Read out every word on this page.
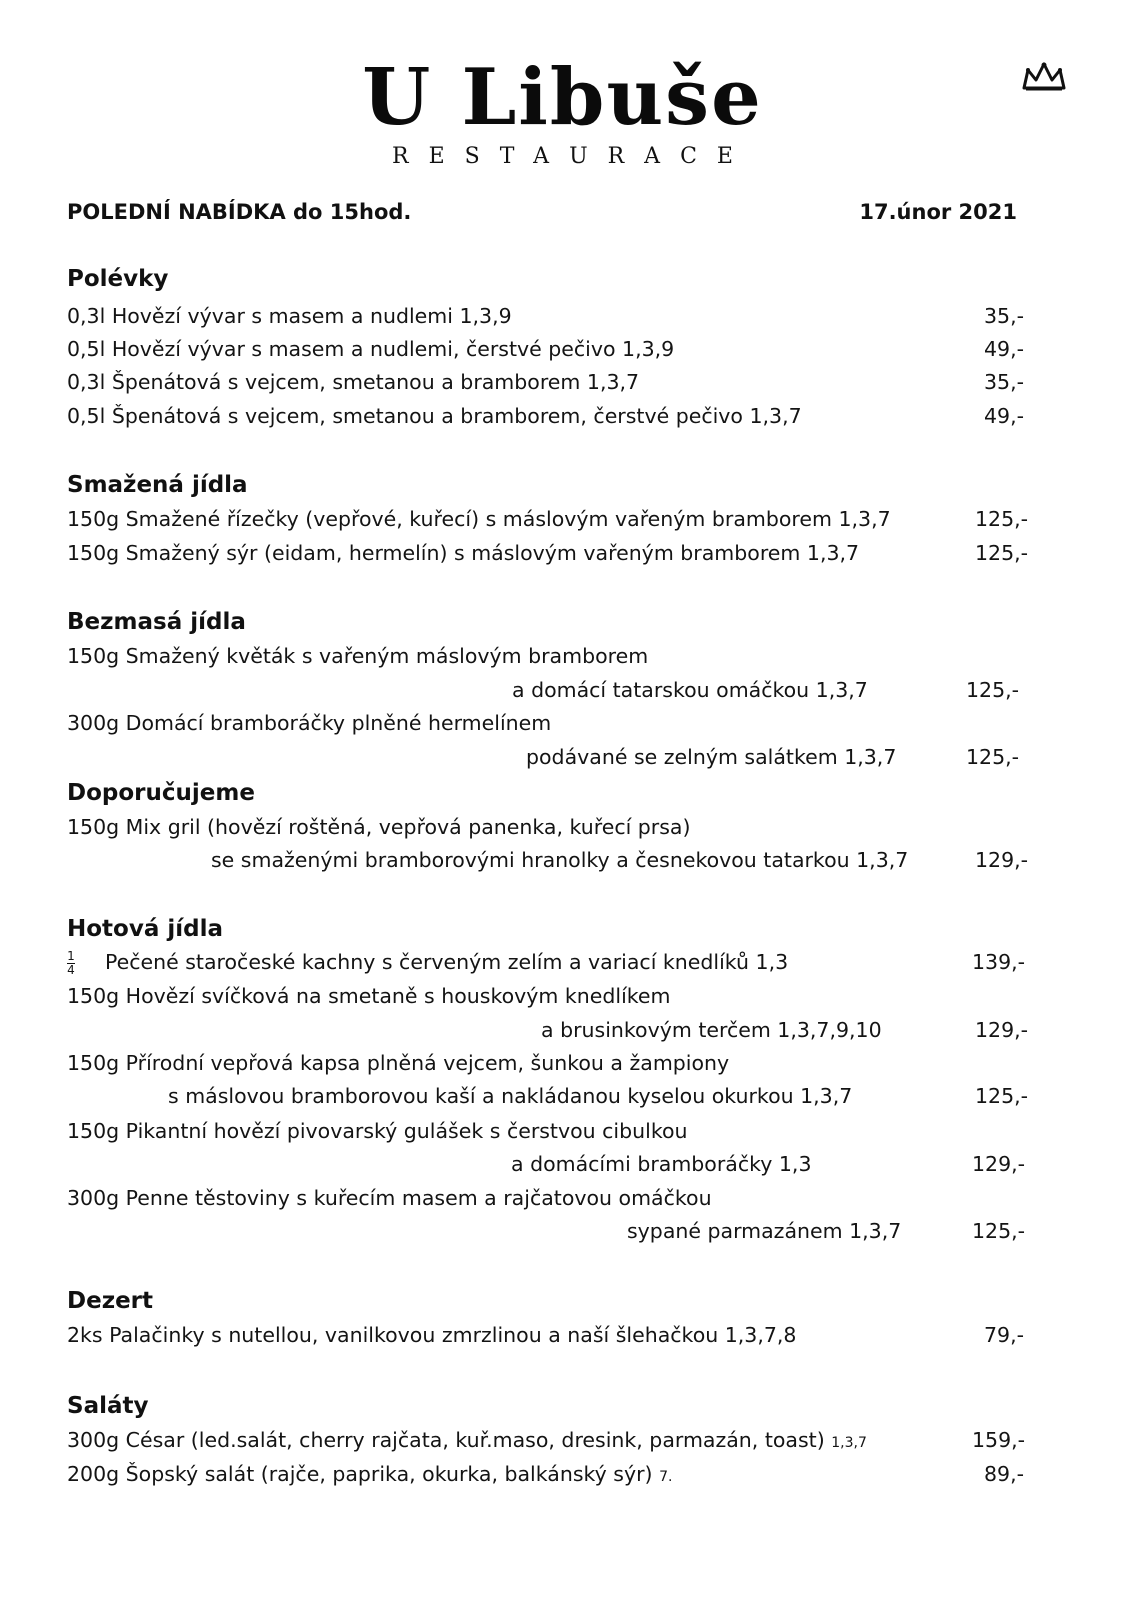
U Libuše
RESTAURACE
POLEDNÍ NABÍDKA do 15hod.	17.únor 2021
Polévky
0,3l Hovězí vývar s masem a nudlemi 1,3,9	35,-
0,5l Hovězí vývar s masem a nudlemi, čerstvé pečivo 1,3,9	49,-
0,3l Špenátová s vejcem, smetanou a bramborem 1,3,7	35,-
0,5l Špenátová s vejcem, smetanou a bramborem, čerstvé pečivo 1,3,7	49,-
Smažená jídla
150g Smažené řízečky (vepřové, kuřecí) s máslovým vařeným bramborem 1,3,7	125,-
150g Smažený sýr (eidam, hermelín) s máslovým vařeným bramborem 1,3,7	125,-
Bezmasá jídla
150g Smažený květák s vařeným máslovým bramborem
a domácí tatarskou omáčkou 1,3,7	125,-
300g Domácí bramboráčky plněné hermelínem
podávané se zelným salátkem 1,3,7	125,-
Doporučujeme
150g Mix gril (hovězí roštěná, vepřová panenka, kuřecí prsa)
se smaženými bramborovými hranolky a česnekovou tatarkou 1,3,7	129,-
Hotová jídla
$\frac{1}{4}$ Pečené staročeské kachny s červeným zelím a variací knedlíků 1,3	139,-
150g Hovězí svíčková na smetaně s houskovým knedlíkem
a brusinkovým terčem 1,3,7,9,10	129,-
150g Přírodní vepřová kapsa plněná vejcem, šunkou a žampiony
s máslovou bramborovou kaší a nakládanou kyselou okurkou 1,3,7	125,-
150g Pikantní hovězí pivovarský gulášek s čerstvou cibulkou
a domácími bramboráčky 1,3	129,-
300g Penne těstoviny s kuřecím masem a rajčatovou omáčkou
sypané parmazánem 1,3,7	125,-
Dezert
2ks Palačinky s nutellou, vanilkovou zmrzlinou a naší šlehačkou 1,3,7,8	79,-
Saláty
300g César (led.salát, cherry rajčata, kuř.maso, dresink, parmazán, toast) 1,3,7	159,-
200g Šopský salát (rajče, paprika, okurka, balkánský sýr) 7.	89,-
